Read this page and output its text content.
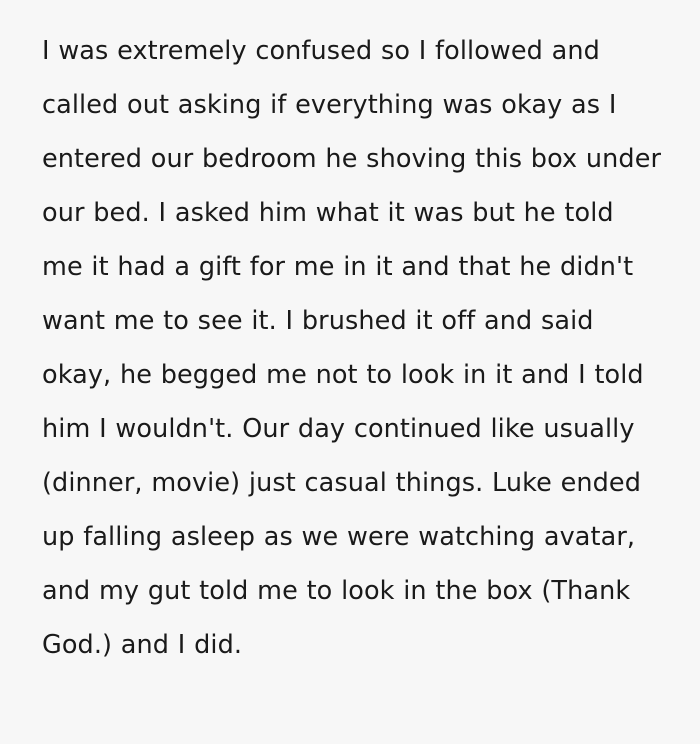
I was extremely confused so I followed and called out asking if everything was okay as I entered our bedroom he shoving this box under our bed. I asked him what it was but he told me it had a gift for me in it and that he didn't want me to see it. I brushed it off and said okay, he begged me not to look in it and I told him I wouldn't. Our day continued like usually (dinner, movie) just casual things. Luke ended up falling asleep as we were watching avatar, and my gut told me to look in the box (Thank God.) and I did.
